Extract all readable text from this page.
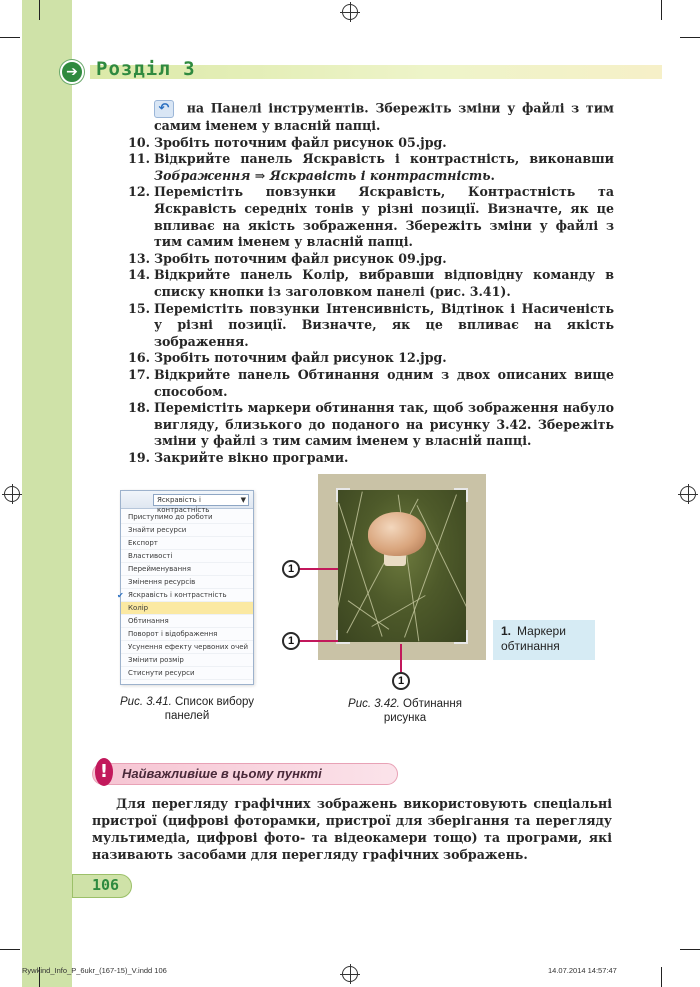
➔ Розділ 3
↶ на Панелі інструментів. Збережіть зміни у файлі з тим самим іменем у власній папці.
10. Зробіть поточним файл рисунок 05.jpg.
11. Відкрийте панель Яскравість і контрастність, виконавши Зображення ⇒ Яскравість і контрастність.
12. Перемістіть повзунки Яскравість, Контрастність та Яскравість середніх тонів у різні позиції. Визначте, як це впливає на якість зображення. Збережіть зміни у файлі з тим самим іменем у власній папці.
13. Зробіть поточним файл рисунок 09.jpg.
14. Відкрийте панель Колір, вибравши відповідну команду в списку кнопки із заголовком панелі (рис. 3.41).
15. Перемістіть повзунки Інтенсивність, Відтінок і Насиченість у різні позиції. Визначте, як це впливає на якість зображення.
16. Зробіть поточним файл рисунок 12.jpg.
17. Відкрийте панель Обтинання одним з двох описаних вище способом.
18. Перемістіть маркери обтинання так, щоб зображення набуло вигляду, близького до поданого на рисунку 3.42. Збережіть зміни у файлі з тим самим іменем у власній папці.
19. Закрийте вікно програми.
Яскравість і контрастність
▼
Приступимо до роботи
Знайти ресурси
Експорт
Властивості
Перейменування
Змінення ресурсів
✔ Яскравість і контрастність
Колір
Обтинання
Поворот і відображення
Усунення ефекту червоних очей
Змінити розмір
Стиснути ресурси
Рис. 3.41. Список вибору панелей
1
1
1
1. Маркери обтинання
Рис. 3.42. Обтинання рисунка
!	Найважливіше в цьому пункті
Для перегляду графічних зображень використовують спеціальні пристрої (цифрові фоторамки, пристрої для зберігання та перегляду мультимедіа, цифрові фото- та відеокамери тощо) та програми, які називають засобами для перегляду графічних зображень.
106
Rywkind_Info_P_6ukr_(167-15)_V.indd 106	14.07.2014 14:57:47
